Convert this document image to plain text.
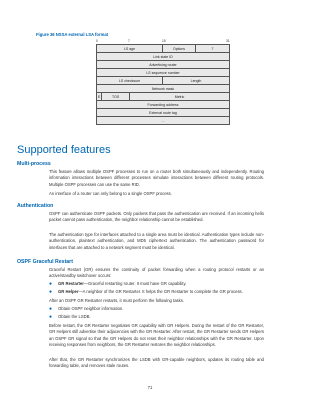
Figure 36 NSSA external LSA format
0	7	15	31
LS age	Options	7
Link state ID
Advertising router
LS sequence number
LS checksum	Length
Network mask
E	TOS	Metric
Forwarding address
External route tag
...
Supported features
Multi-process
This feature allows multiple OSPF processes to run on a router both simultaneously and independently. Routing information interactions between different processes simulate interactions between different routing protocols. Multiple OSPF processes can use the same RID.
An interface of a router can only belong to a single OSPF process.
Authentication
OSPF can authenticate OSPF packets. Only packets that pass the authentication are received. If an incoming hello packet cannot pass authentication, the neighbor relationship cannot be established.
The authentication type for interfaces attached to a single area must be identical. Authentication types include non-authentication, plaintext authentication, and MD5 ciphertext authentication. The authentication password for interfaces that are attached to a network segment must be identical.
OSPF Graceful Restart
Graceful Restart (GR) ensures the continuity of packet forwarding when a routing protocol restarts or an active/standby switchover occurs:
● GR Restarter—Graceful restarting router. It must have GR capability.
● GR Helper—A neighbor of the GR Restarter. It helps the GR Restarter to complete the GR process.
After an OSPF GR Restarter restarts, it must perform the following tasks.
● Obtain OSPF neighbor information.
● Obtain the LSDB.
Before restart, the GR Restarter negotiates GR capability with GR Helpers. During the restart of the GR Restarter, GR Helpers still advertise their adjacencies with the GR Restarter. After restart, the GR Restarter sends GR Helpers an OSPF GR signal so that the GR Helpers do not reset their neighbor relationships with the GR Restarter. Upon receiving responses from neighbors, the GR Restarter restores the neighbor relationships.
After that, the GR Restarter synchronizes the LSDB with GR-capable neighbors, updates its routing table and forwarding table, and removes stale routes.
71
